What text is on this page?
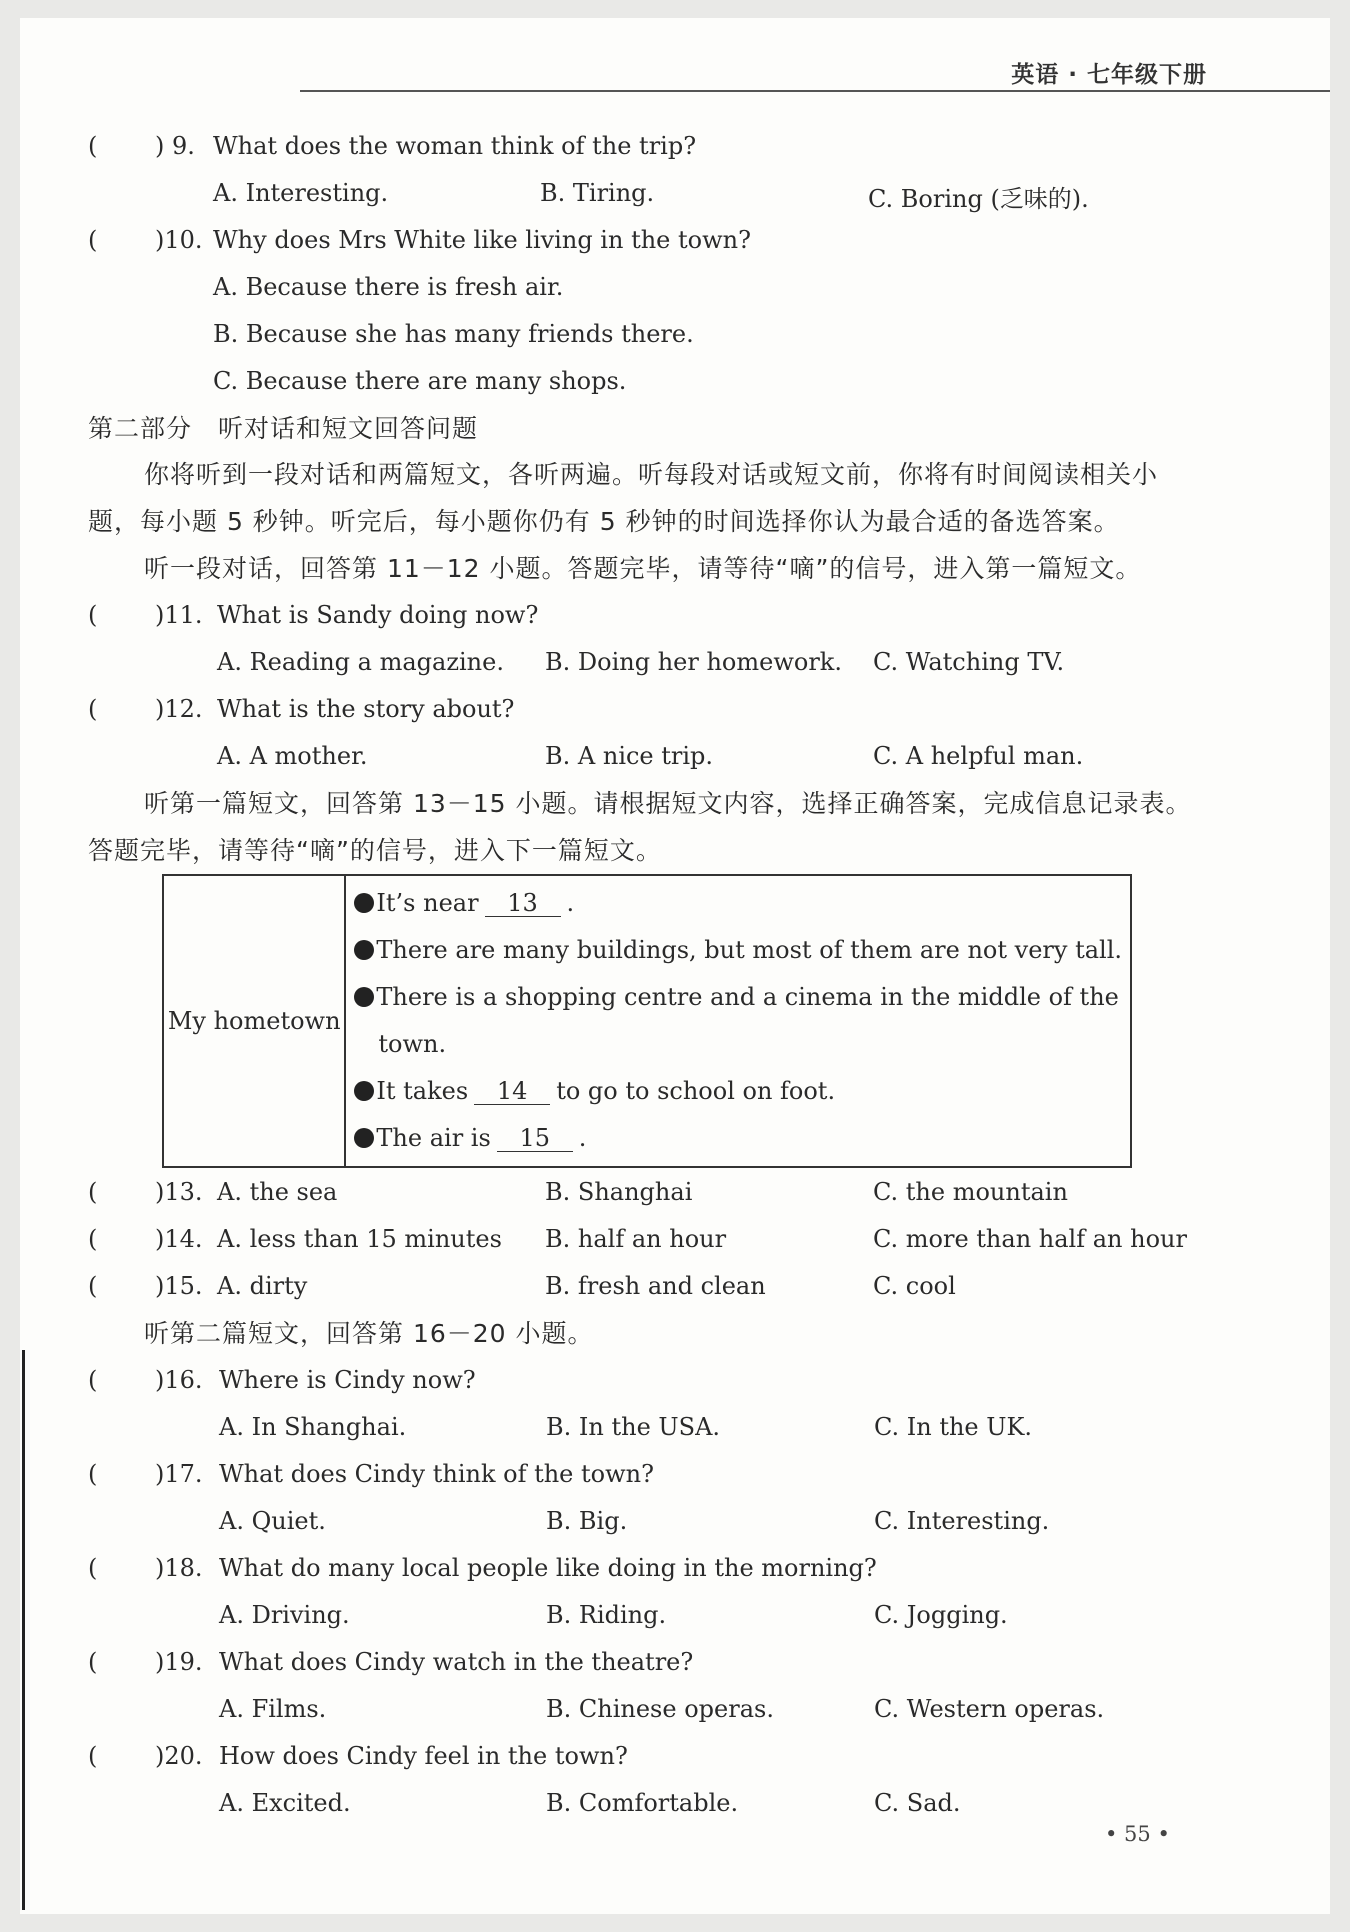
英语 · 七年级下册
( ) 9. What does the woman think of the trip?
A. Interesting.	B. Tiring.	C. Boring (乏味的).
( )10. Why does Mrs White like living in the town?
A. Because there is fresh air.
B. Because she has many friends there.
C. Because there are many shops.
第二部分　听对话和短文回答问题
你将听到一段对话和两篇短文，各听两遍。听每段对话或短文前，你将有时间阅读相关小
题，每小题 5 秒钟。听完后，每小题你仍有 5 秒钟的时间选择你认为最合适的备选答案。
听一段对话，回答第 11－12 小题。答题完毕，请等待“嘀”的信号，进入第一篇短文。
( )11. What is Sandy doing now?
A. Reading a magazine. B. Doing her homework. C. Watching TV.
( )12. What is the story about?
A. A mother.	B. A nice trip.	C. A helpful man.
听第一篇短文，回答第 13－15 小题。请根据短文内容，选择正确答案，完成信息记录表。
答题完毕，请等待“嘀”的信号，进入下一篇短文。
My hometown	
It’s near 13 .
There are many buildings, but most of them are not very tall.
There is a shopping centre and a cinema in the middle of the
town.
It takes 14 to go to school on foot.
The air is 15 .
( )13. A. the sea	B. Shanghai	C. the mountain
( )14. A. less than 15 minutes B. half an hour	C. more than half an hour
( )15. A. dirty	B. fresh and clean	C. cool
听第二篇短文，回答第 16－20 小题。
( )16. Where is Cindy now?
A. In Shanghai.	B. In the USA.	C. In the UK.
( )17. What does Cindy think of the town?
A. Quiet.	B. Big.	C. Interesting.
( )18. What do many local people like doing in the morning?
A. Driving.	B. Riding.	C. Jogging.
( )19. What does Cindy watch in the theatre?
A. Films.	B. Chinese operas.	C. Western operas.
( )20. How does Cindy feel in the town?
A. Excited.	B. Comfortable.	C. Sad.
• 55 •
